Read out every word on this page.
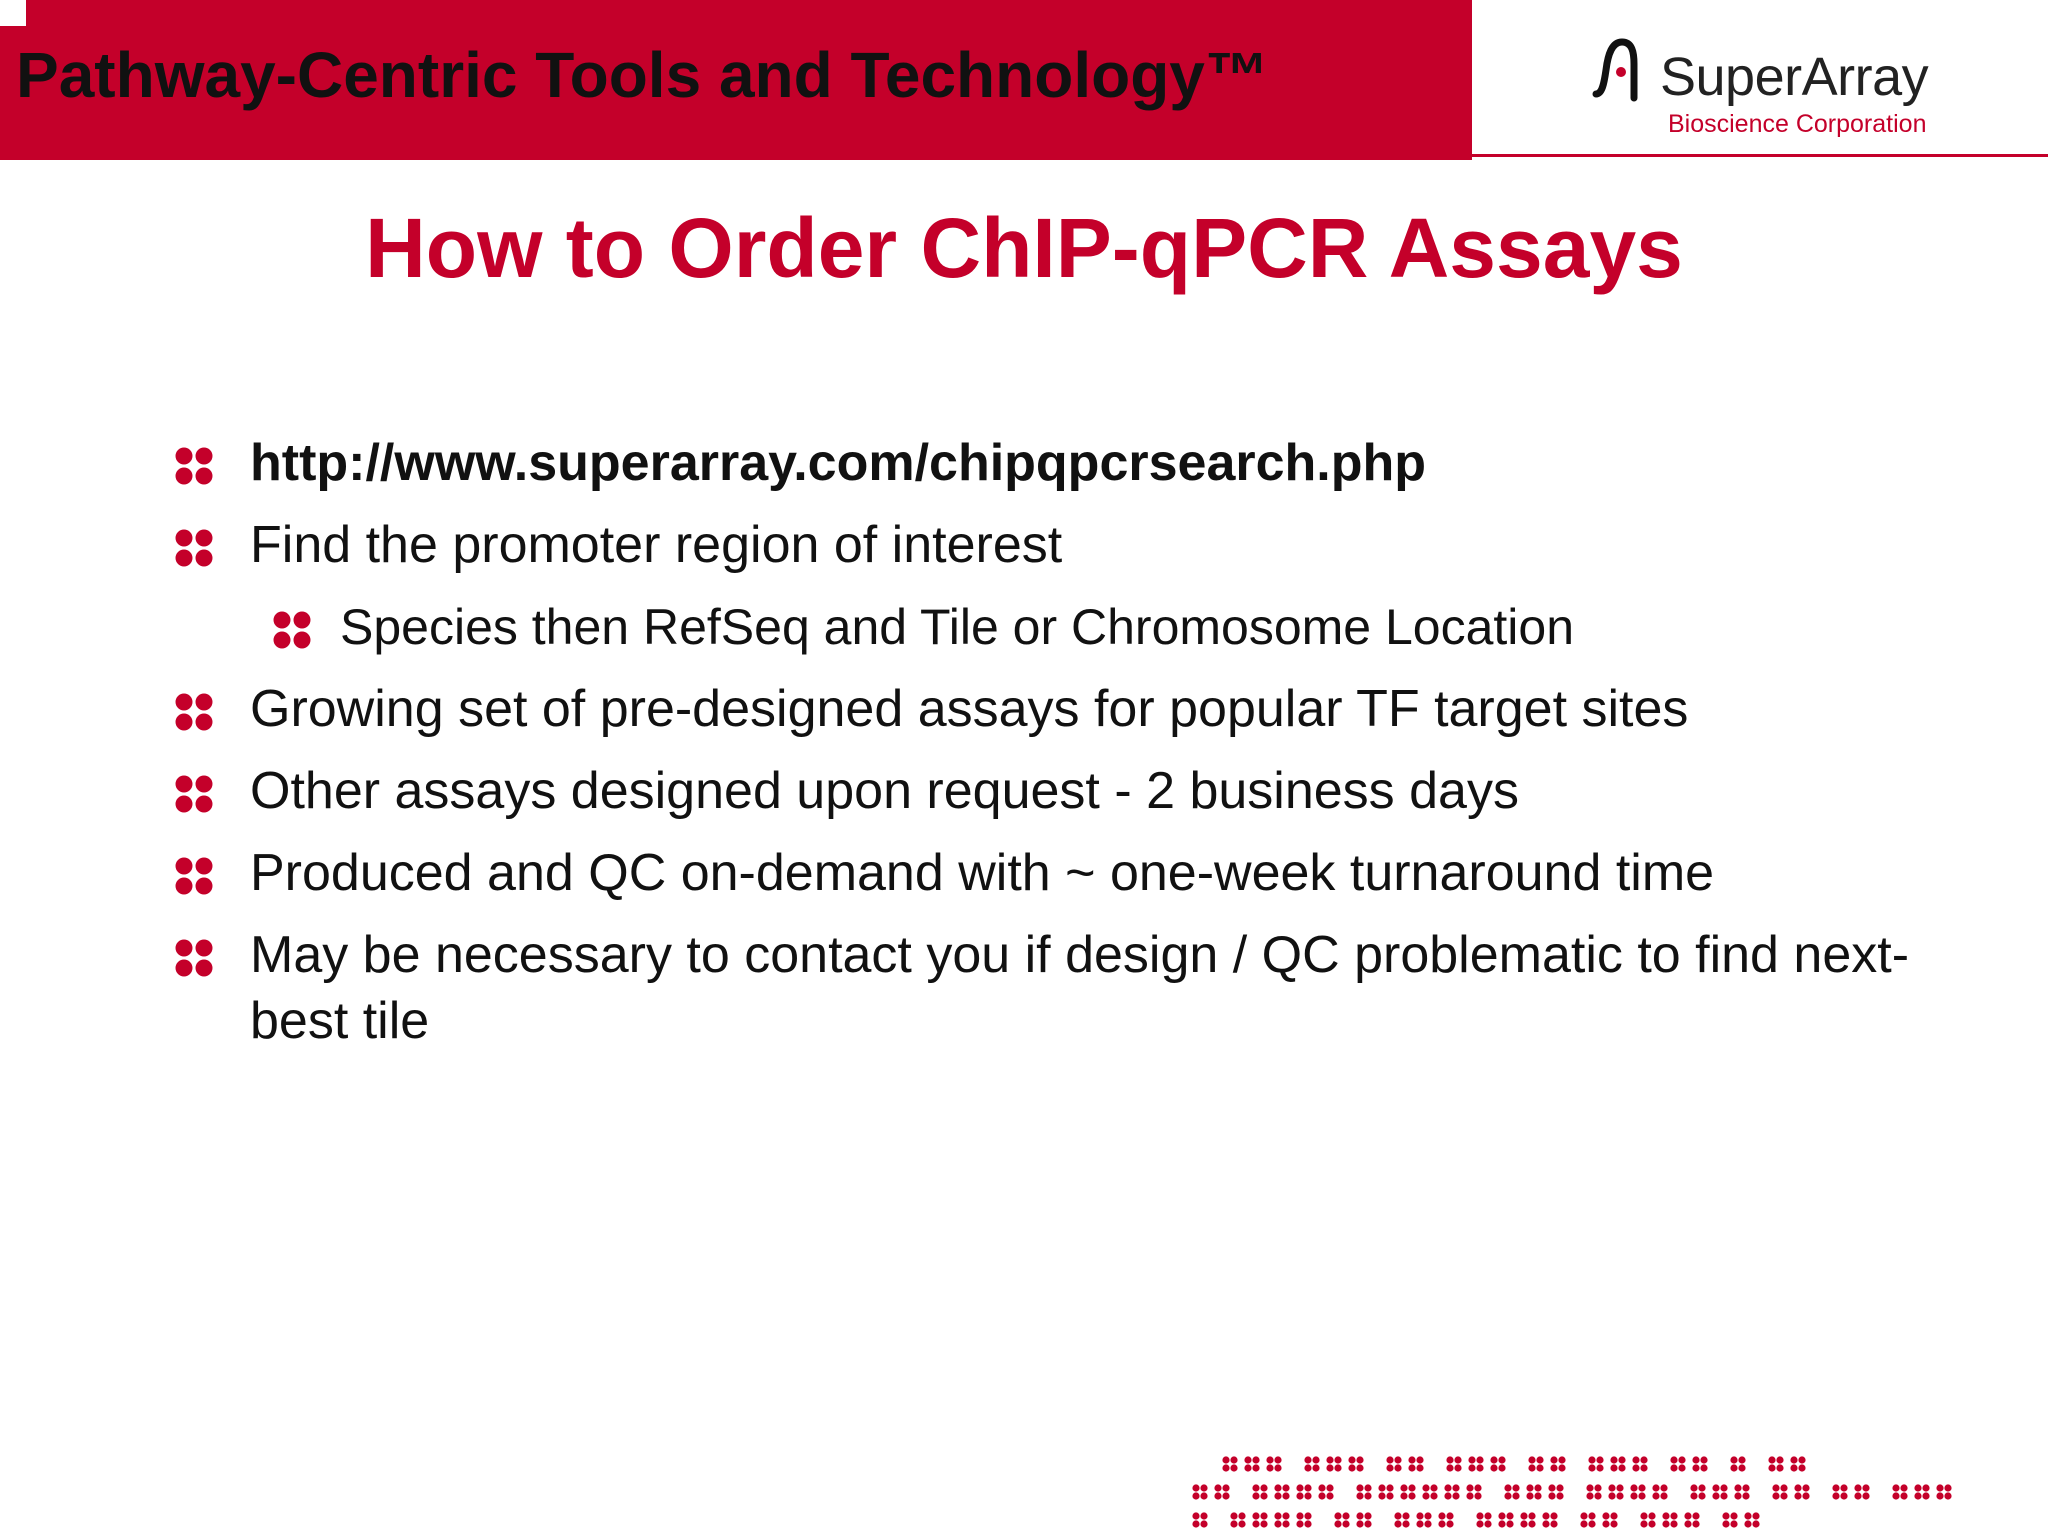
Pathway-Centric Tools and Technology™	SuperArray
Bioscience Corporation
How to Order ChIP-qPCR Assays
http://www.superarray.com/chipqpcrsearch.php
Find the promoter region of interest
Species then RefSeq and Tile or Chromosome Location
Growing set of pre-designed assays for popular TF target sites
Other assays designed upon request - 2 business days
Produced and QC on-demand with ~ one-week turnaround time
May be necessary to contact you if design / QC problematic to find next-best tile
